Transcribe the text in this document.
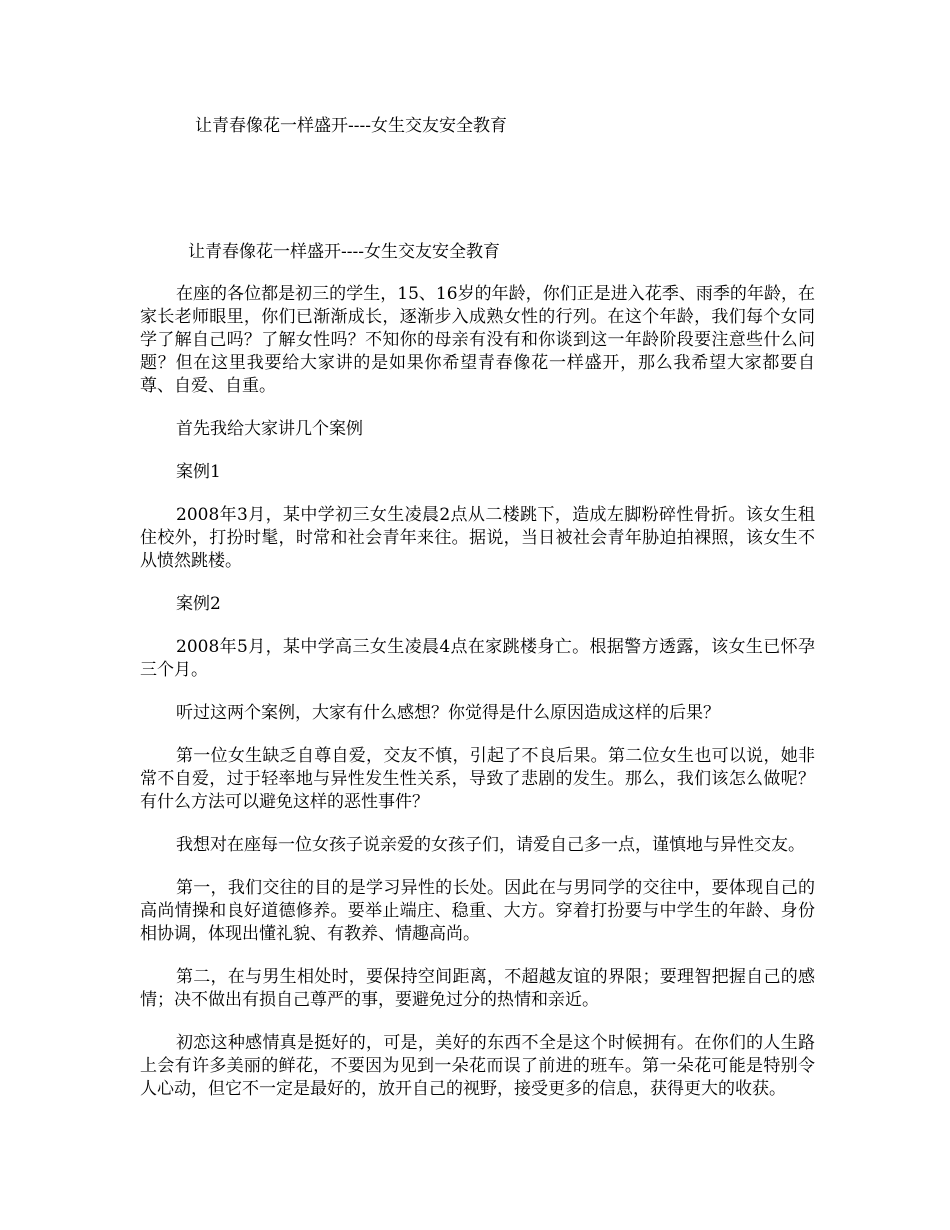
让青春像花一样盛开----女生交友安全教育
让青春像花一样盛开----女生交友安全教育

在座的各位都是初三的学生，15、16岁的年龄，你们正是进入花季、雨季的年龄，在家长老师眼里，你们已渐渐成长，逐渐步入成熟女性的行列。在这个年龄，我们每个女同学了解自己吗？了解女性吗？不知你的母亲有没有和你谈到这一年龄阶段要注意些什么问题？但在这里我要给大家讲的是如果你希望青春像花一样盛开，那么我希望大家都要自尊、自爱、自重。

首先我给大家讲几个案例

案例1

2008年3月，某中学初三女生凌晨2点从二楼跳下，造成左脚粉碎性骨折。该女生租住校外，打扮时髦，时常和社会青年来往。据说，当日被社会青年胁迫拍裸照，该女生不从愤然跳楼。

案例2

2008年5月，某中学高三女生凌晨4点在家跳楼身亡。根据警方透露，该女生已怀孕三个月。

听过这两个案例，大家有什么感想？你觉得是什么原因造成这样的后果？

第一位女生缺乏自尊自爱，交友不慎，引起了不良后果。第二位女生也可以说，她非常不自爱，过于轻率地与异性发生性关系，导致了悲剧的发生。那么，我们该怎么做呢？有什么方法可以避免这样的恶性事件？

我想对在座每一位女孩子说亲爱的女孩子们，请爱自己多一点，谨慎地与异性交友。

第一，我们交往的目的是学习异性的长处。因此在与男同学的交往中，要体现自己的高尚情操和良好道德修养。要举止端庄、稳重、大方。穿着打扮要与中学生的年龄、身份相协调，体现出懂礼貌、有教养、情趣高尚。

第二，在与男生相处时，要保持空间距离，不超越友谊的界限；要理智把握自己的感情；决不做出有损自己尊严的事，要避免过分的热情和亲近。

初恋这种感情真是挺好的，可是，美好的东西不全是这个时候拥有。在你们的人生路上会有许多美丽的鲜花，不要因为见到一朵花而误了前进的班车。第一朵花可能是特别令人心动，但它不一定是最好的，放开自己的视野，接受更多的信息，获得更大的收获。
